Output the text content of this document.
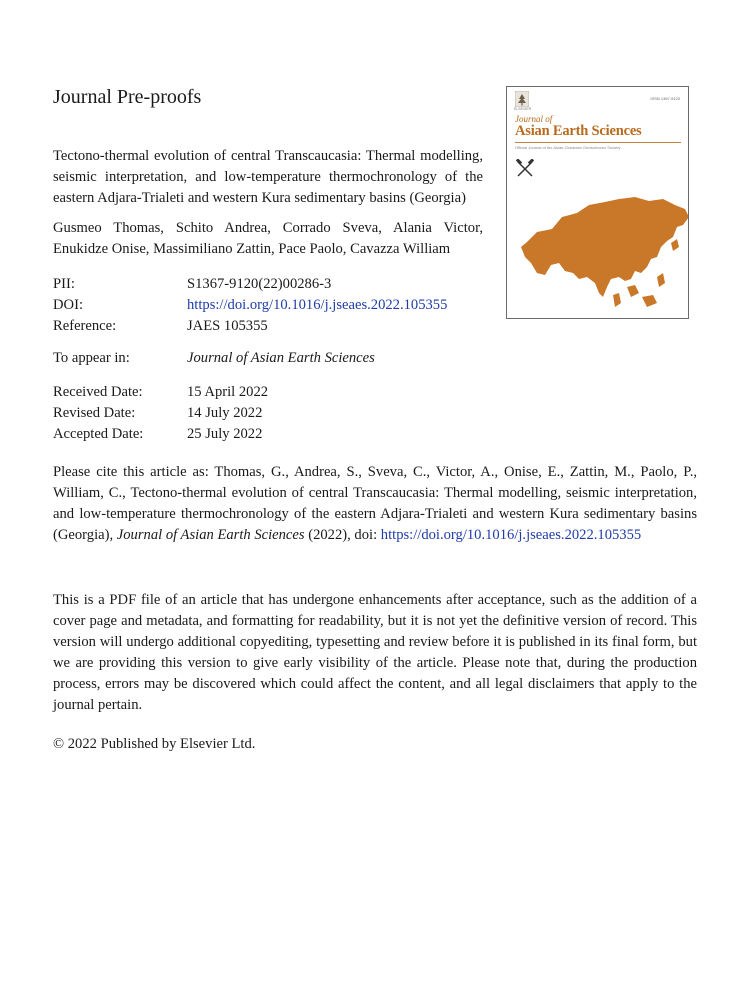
Journal Pre-proofs
Tectono-thermal evolution of central Transcaucasia: Thermal modelling, seismic interpretation, and low-temperature thermochronology of the eastern Adjara-Trialeti and western Kura sedimentary basins (Georgia)
Gusmeo Thomas, Schito Andrea, Corrado Sveva, Alania Victor, Enukidze Onise, Massimiliano Zattin, Pace Paolo, Cavazza William
PII:	S1367-9120(22)00286-3
DOI:	https://doi.org/10.1016/j.jseaes.2022.105355
Reference:	JAES 105355
To appear in:	Journal of Asian Earth Sciences
Received Date:	15 April 2022
Revised Date:	14 July 2022
Accepted Date:	25 July 2022
Please cite this article as: Thomas, G., Andrea, S., Sveva, C., Victor, A., Onise, E., Zattin, M., Paolo, P., William, C., Tectono-thermal evolution of central Transcaucasia: Thermal modelling, seismic interpretation, and low-temperature thermochronology of the eastern Adjara-Trialeti and western Kura sedimentary basins (Georgia), Journal of Asian Earth Sciences (2022), doi: https://doi.org/10.1016/j.jseaes.2022.105355
This is a PDF file of an article that has undergone enhancements after acceptance, such as the addition of a cover page and metadata, and formatting for readability, but it is not yet the definitive version of record. This version will undergo additional copyediting, typesetting and review before it is published in its final form, but we are providing this version to give early visibility of the article. Please note that, during the production process, errors may be discovered which could affect the content, and all legal disclaimers that apply to the journal pertain.
© 2022 Published by Elsevier Ltd.
ELSEVIER
ISSN 1367-9120
Journal of
Asian Earth Sciences
Official Journal of the Asian-Oceanian Geosciences Society
